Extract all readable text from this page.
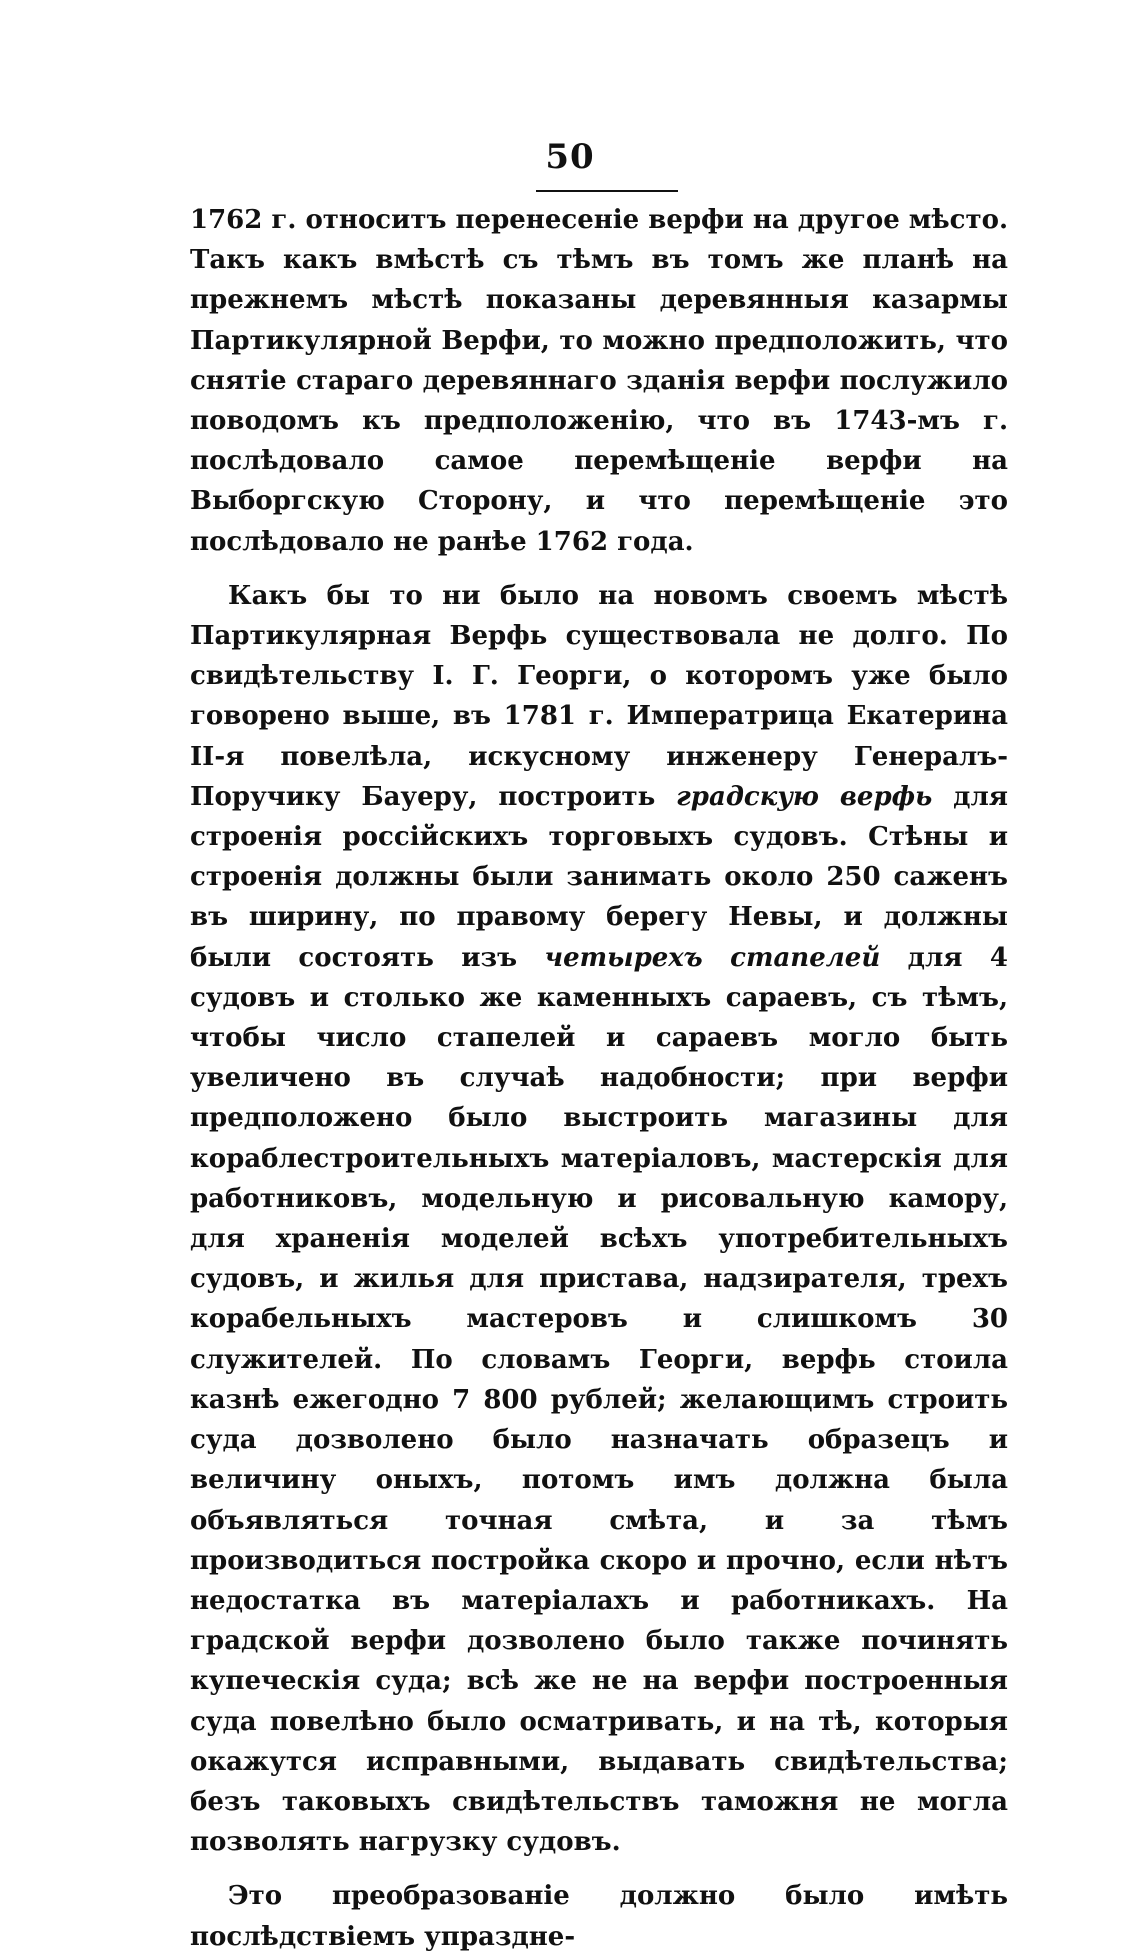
50

1762 г. относитъ перенесеніе верфи на другое мѣсто. Такъ какъ вмѣстѣ съ тѣмъ въ томъ же планѣ на прежнемъ мѣстѣ показаны деревянныя казармы Партикулярной Верфи, то можно предположить, что снятіе стараго деревяннаго зданія верфи послужило поводомъ къ предположенію, что въ 1743-мъ г. послѣдовало самое перемѣщеніе верфи на Выборгскую Сторону, и что перемѣщеніе это послѣдовало не ранѣе 1762 года.

Какъ бы то ни было на новомъ своемъ мѣстѣ Партикулярная Верфь существовала не долго. По свидѣтельству І. Г. Георги, о которомъ уже было говорено выше, въ 1781 г. Императрица Екатерина II-я повелѣла, искусному инженеру Генералъ-Поручику Бауеру, построить градскую верфь для строенія россійскихъ торговыхъ судовъ. Стѣны и строенія должны были занимать около 250 саженъ въ ширину, по правому берегу Невы, и должны были состоять изъ четырехъ стапелей для 4 судовъ и столько же каменныхъ сараевъ, съ тѣмъ, чтобы число стапелей и сараевъ могло быть увеличено въ случаѣ надобности; при верфи предположено было выстроить магазины для кораблестроительныхъ матеріаловъ, мастерскія для работниковъ, модельную и рисовальную камору, для храненія моделей всѣхъ употребительныхъ судовъ, и жилья для пристава, надзирателя, трехъ корабельныхъ мастеровъ и слишкомъ 30 служителей. По словамъ Георги, верфь стоила казнѣ ежегодно 7 800 рублей; желающимъ строить суда дозволено было назначать образецъ и величину оныхъ, потомъ имъ должна была объявляться точная смѣта, и за тѣмъ производиться постройка скоро и прочно, если нѣтъ недостатка въ матеріалахъ и работникахъ. На градской верфи дозволено было также починять купеческія суда; всѣ же не на верфи построенныя суда повелѣно было осматривать, и на тѣ, которыя окажутся исправными, выдавать свидѣтельства; безъ таковыхъ свидѣтельствъ таможня не могла позволять нагрузку судовъ.

Это преобразованіе должно было имѣть послѣдствіемъ упраздне-
